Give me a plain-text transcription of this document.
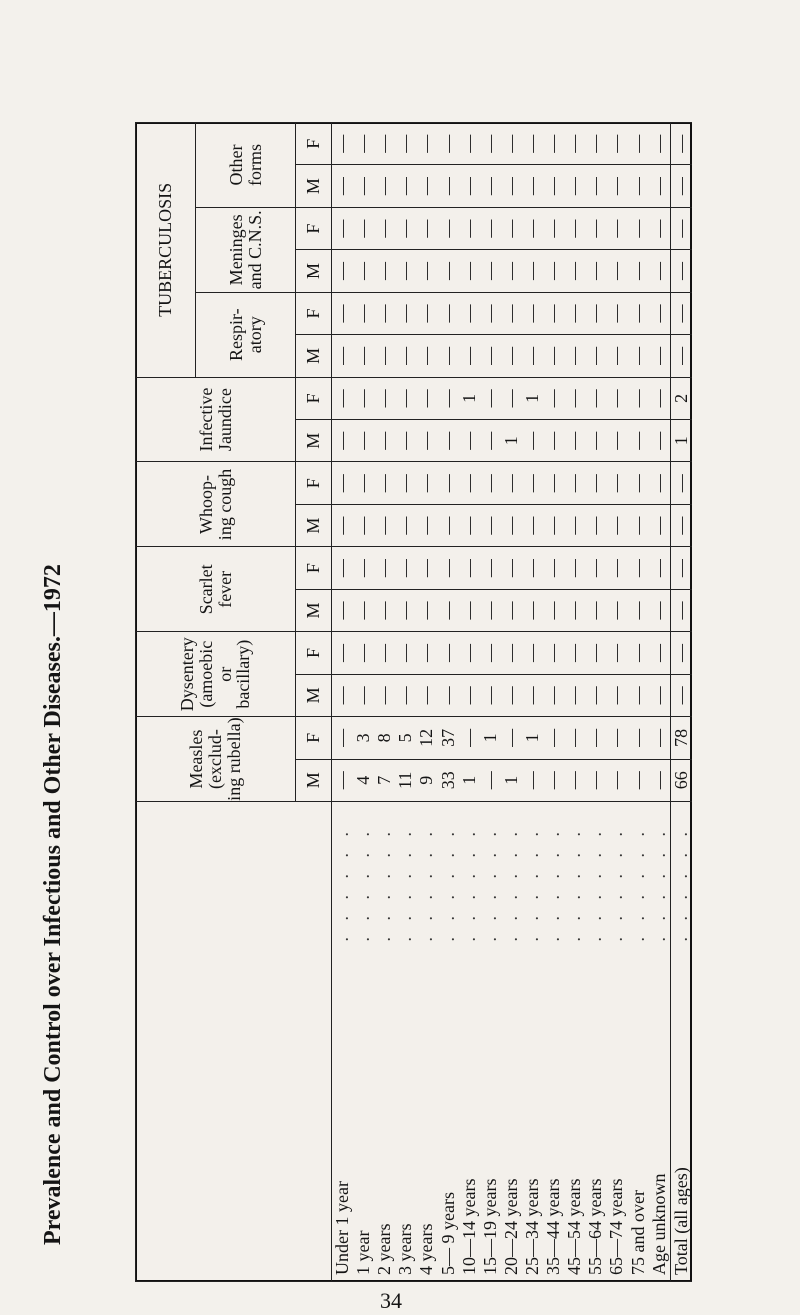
Prevalence and Control over Infectious and Other Diseases.—1972
		Measles (exclud- ing rubella)		Dysentery (amoebic or bacillary)		Scarlet fever		Whoop- ing cough		Infective Jaundice		TUBERCULOSIS					
												Respir- atory		Meninges and C.N.S.		Other forms	
		M	F	M	F	M	F	M	F	M	F	M	F	M	F	M	F
Under 1 year	. . . . . .	—	—	—	—	—	—	—	—	—	—	—	—	—	—	—	—
1 year	. . . . . .	4	3	—	—	—	—	—	—	—	—	—	—	—	—	—	—
2 years	. . . . . .	7	8	—	—	—	—	—	—	—	—	—	—	—	—	—	—
3 years	. . . . . .	11	5	—	—	—	—	—	—	—	—	—	—	—	—	—	—
4 years	. . . . . .	9	12	—	—	—	—	—	—	—	—	—	—	—	—	—	—
5— 9 years	. . . . . .	33	37	—	—	—	—	—	—	—	—	—	—	—	—	—	—
10—14 years	. . . . . .	1	—	—	—	—	—	—	—	—	1	—	—	—	—	—	—
15—19 years	. . . . . .	—	1	—	—	—	—	—	—	—	—	—	—	—	—	—	—
20—24 years	. . . . . .	1	—	—	—	—	—	—	—	1	—	—	—	—	—	—	—
25—34 years	. . . . . .	—	1	—	—	—	—	—	—	—	1	—	—	—	—	—	—
35—44 years	. . . . . .	—	—	—	—	—	—	—	—	—	—	—	—	—	—	—	—
45—54 years	. . . . . .	—	—	—	—	—	—	—	—	—	—	—	—	—	—	—	—
55—64 years	. . . . . .	—	—	—	—	—	—	—	—	—	—	—	—	—	—	—	—
65—74 years	. . . . . .	—	—	—	—	—	—	—	—	—	—	—	—	—	—	—	—
75 and over	. . . . . .	—	—	—	—	—	—	—	—	—	—	—	—	—	—	—	—
Age unknown	. . . . . .	—	—	—	—	—	—	—	—	—	—	—	—	—	—	—	—
Total (all ages)	. . . . . .	66	78	—	—	—	—	—	—	1	2	—	—	—	—	—	—
34
